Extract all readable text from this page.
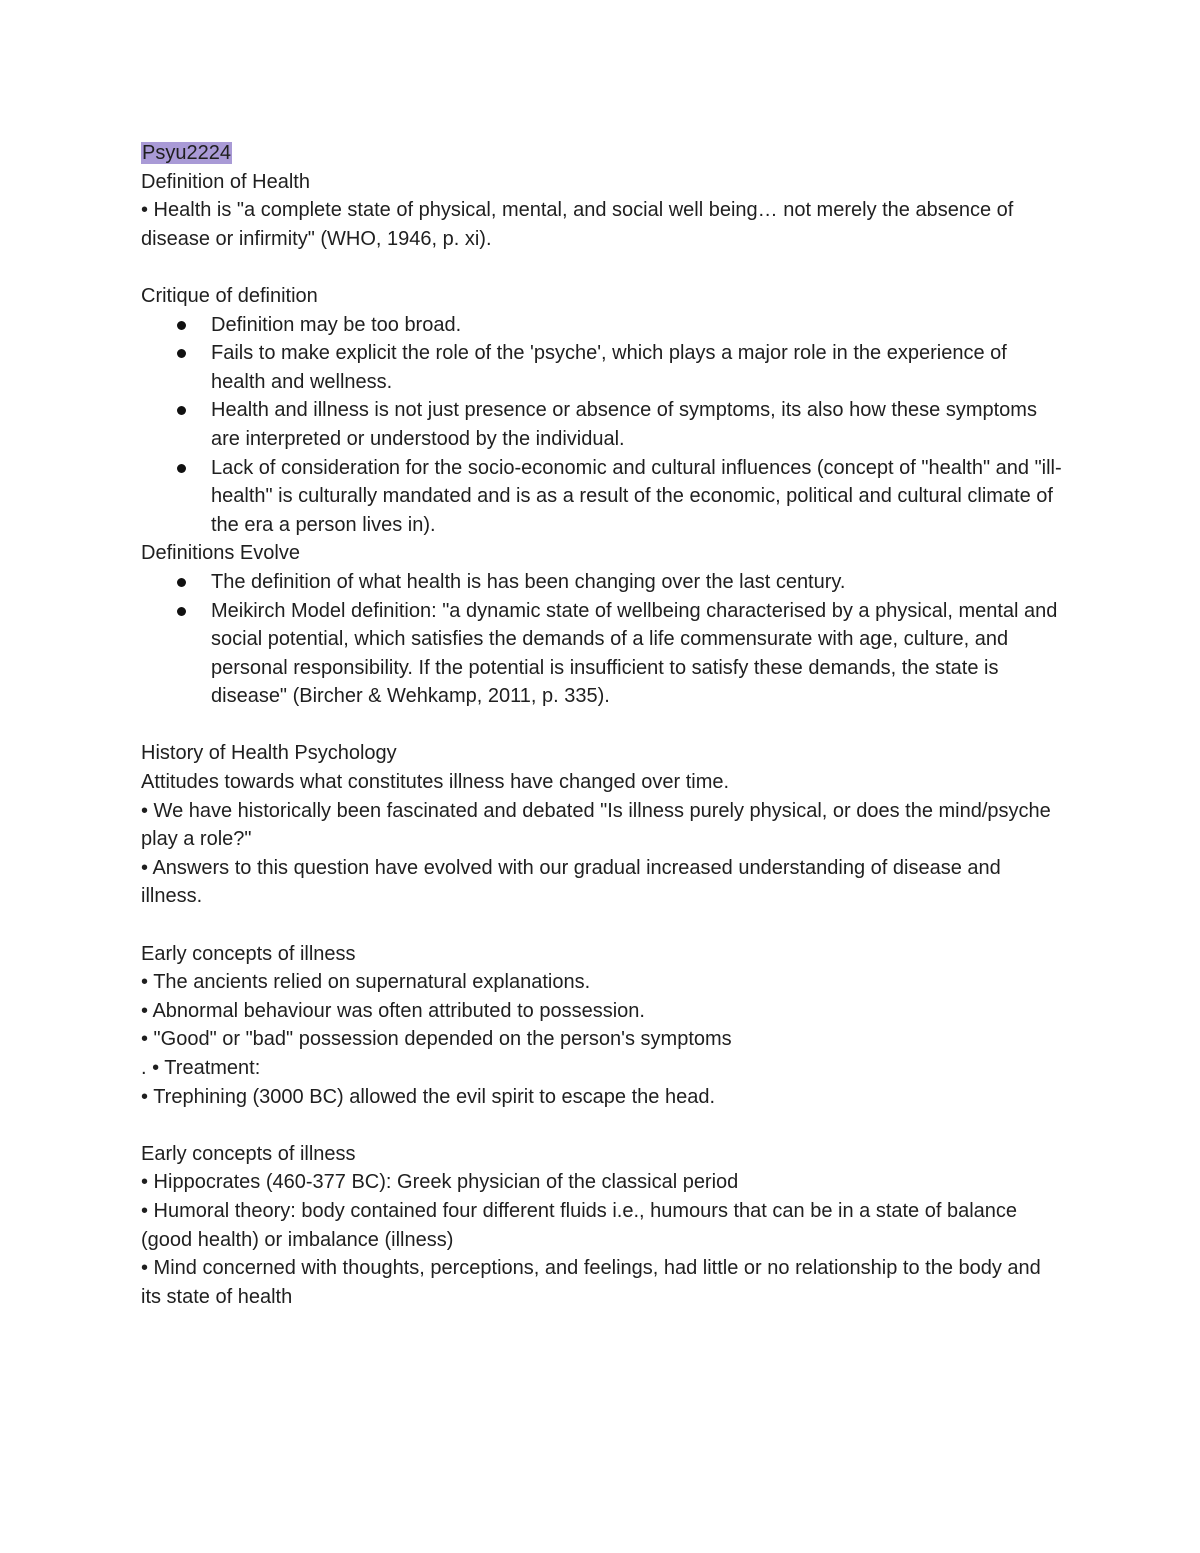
Psyu2224

Definition of Health

• Health is "a complete state of physical, mental, and social well being… not merely the absence of disease or infirmity" (WHO, 1946, p. xi).

Critique of definition

Definition may be too broad.
Fails to make explicit the role of the 'psyche', which plays a major role in the experience of health and wellness.
Health and illness is not just presence or absence of symptoms, its also how these symptoms are interpreted or understood by the individual.
Lack of consideration for the socio-economic and cultural influences (concept of "health" and "ill-health" is culturally mandated and is as a result of the economic, political and cultural climate of the era a person lives in).

Definitions Evolve

The definition of what health is has been changing over the last century.
Meikirch Model definition: "a dynamic state of wellbeing characterised by a physical, mental and social potential, which satisfies the demands of a life commensurate with age, culture, and personal responsibility. If the potential is insufficient to satisfy these demands, the state is disease" (Bircher & Wehkamp, 2011, p. 335).

History of Health Psychology

Attitudes towards what constitutes illness have changed over time.

• We have historically been fascinated and debated "Is illness purely physical, or does the mind/psyche play a role?"

• Answers to this question have evolved with our gradual increased understanding of disease and illness.

Early concepts of illness

• The ancients relied on supernatural explanations.

• Abnormal behaviour was often attributed to possession.

• "Good" or "bad" possession depended on the person's symptoms

. • Treatment:

• Trephining (3000 BC) allowed the evil spirit to escape the head.

Early concepts of illness

• Hippocrates (460-377 BC): Greek physician of the classical period

• Humoral theory: body contained four different fluids i.e., humours that can be in a state of balance (good health) or imbalance (illness)

• Mind concerned with thoughts, perceptions, and feelings, had little or no relationship to the body and its state of health
